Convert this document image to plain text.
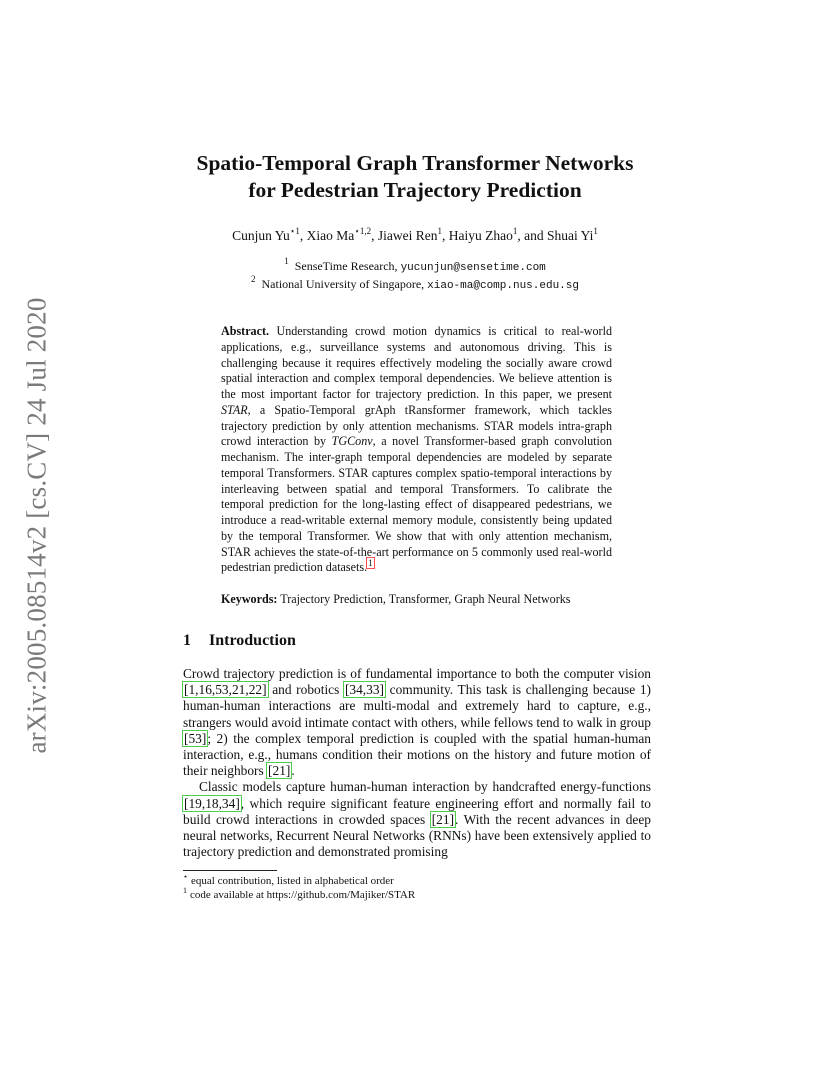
arXiv:2005.08514v2 [cs.CV] 24 Jul 2020
Spatio-Temporal Graph Transformer Networks
for Pedestrian Trajectory Prediction
Cunjun $Yu^{⋆1}$, Xiao $Ma^{⋆1,2}$, Jiawei Ren$^1$, Haiyu Zhao$^1$, and Shuai Yi$^1$
$^1$ SenseTime Research, yucunjun@sensetime.com
$^2$ National University of Singapore, xiao-ma@comp.nus.edu.sg

Abstract. Understanding crowd motion dynamics is critical to real-world applications, e.g., surveillance systems and autonomous driving. This is challenging because it requires effectively modeling the socially aware crowd spatial interaction and complex temporal dependencies. We believe attention is the most important factor for trajectory prediction. In this paper, we present STAR, a Spatio-Temporal grAph tRansformer framework, which tackles trajectory prediction by only attention mechanisms. STAR models intra-graph crowd interaction by TGConv, a novel Transformer-based graph convolution mechanism. The inter-graph temporal dependencies are modeled by separate temporal Transformers. STAR captures complex spatio-temporal interactions by interleaving between spatial and temporal Transformers. To calibrate the temporal prediction for the long-lasting effect of disappeared pedestrians, we introduce a read-writable external memory module, consistently being updated by the temporal Transformer. We show that with only attention mechanism, STAR achieves the state-of-the-art performance on 5 commonly used real-world pedestrian prediction datasets.$^1$

Keywords: Trajectory Prediction, Transformer, Graph Neural Networks
1 Introduction

Crowd trajectory prediction is of fundamental importance to both the computer vision [1,16,53,21,22] and robotics [34,33] community. This task is challenging because 1) human-human interactions are multi-modal and extremely hard to capture, e.g., strangers would avoid intimate contact with others, while fellows tend to walk in group [53]; 2) the complex temporal prediction is coupled with the spatial human-human interaction, e.g., humans condition their motions on the history and future motion of their neighbors [21].

Classic models capture human-human interaction by handcrafted energy-functions [19,18,34], which require significant feature engineering effort and normally fail to build crowd interactions in crowded spaces [21]. With the recent advances in deep neural networks, Recurrent Neural Networks (RNNs) have been extensively applied to trajectory prediction and demonstrated promising

⋆ equal contribution, listed in alphabetical order
$^1$ code available at https://github.com/Majiker/STAR
